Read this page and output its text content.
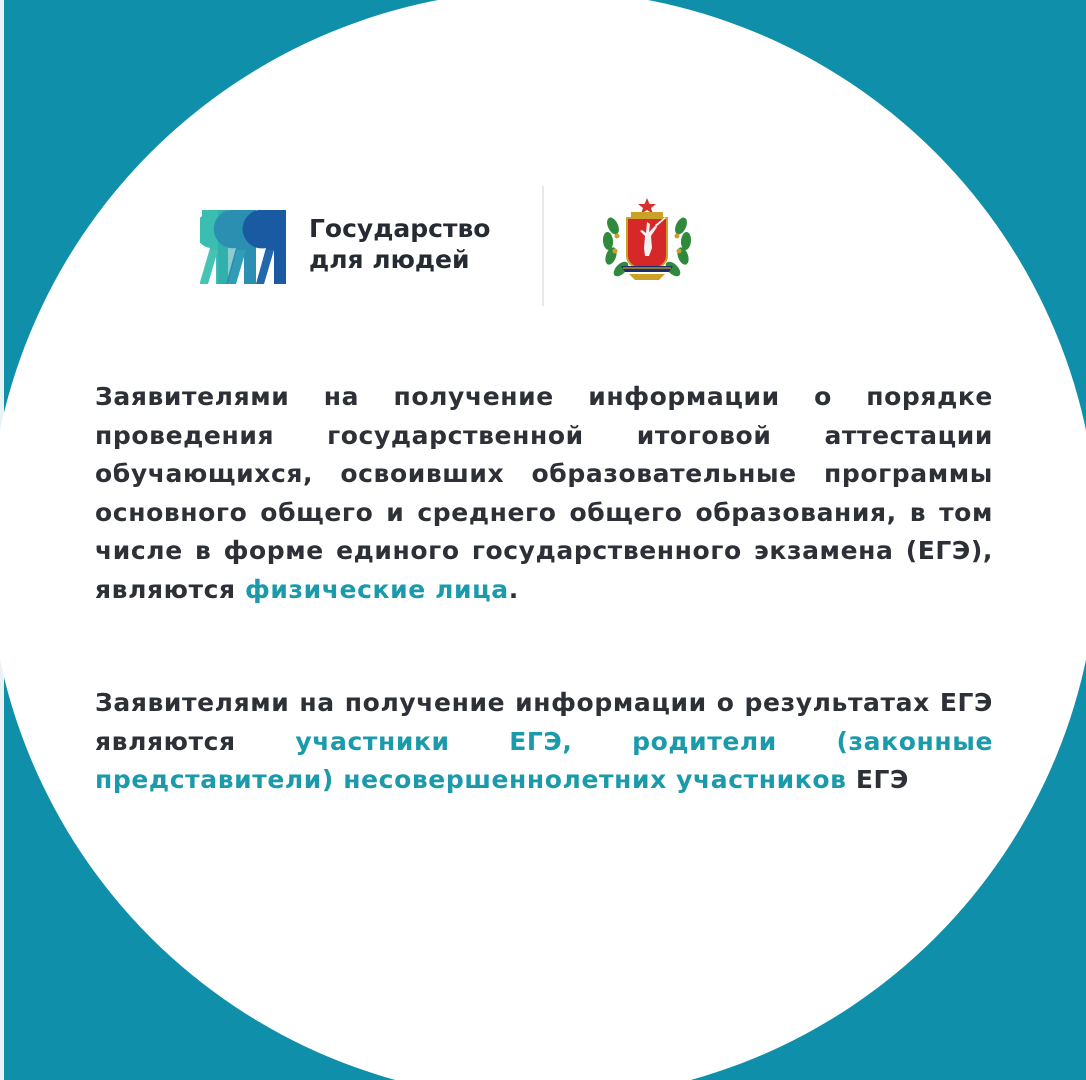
Государство
для людей
Заявителями на получение информации о порядке проведения государственной итоговой аттестации обучающихся, освоивших образовательные программы основного общего и среднего общего образования, в том числе в форме единого государственного экзамена (ЕГЭ), являются физические лица.
Заявителями на получение информации о результатах ЕГЭ являются участники ЕГЭ, родители (законные представители) несовершеннолетних участников ЕГЭ
